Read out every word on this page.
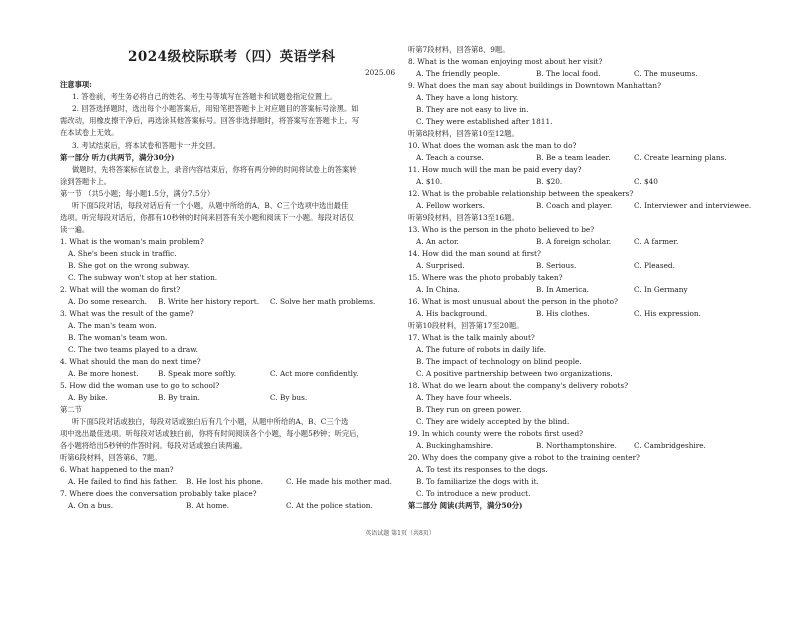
2024级校际联考（四）英语学科
2025.06
注意事项:
1. 答卷前，考生务必将自己的姓名、考生号等填写在答题卡和试题卷指定位置上。
2. 回答选择题时，选出每个小题答案后，用铅笔把答题卡上对应题目的答案标号涂黑。如
需改动，用橡皮擦干净后，再选涂其他答案标号。回答非选择题时，将答案写在答题卡上。写
在本试卷上无效。
3. 考试结束后，将本试卷和答题卡一并交回。
第一部分 听力(共两节，满分30分)
做题时，先将答案标在试卷上，录音内容结束后，你将有两分钟的时间将试卷上的答案转
涂到答题卡上。
第一节 （共5小题；每小题1.5分，满分7.5分）
听下面5段对话，每段对话后有一个小题，从题中所给的A、B、C三个选项中选出最佳
选项。听完每段对话后，你都有10秒钟的时间来回答有关小题和阅读下一小题。每段对话仅
读一遍。
1. What is the woman's main problem?
A. She's been stuck in traffic.
B. She got on the wrong subway.
C. The subway won't stop at her station.
2. What will the woman do first?
A. Do some research. B. Write her history report. C. Solve her math problems.
3. What was the result of the game?
A. The man's team won.
B. The woman's team won.
C. The two teams played to a draw.
4. What should the man do next time?
A. Be more honest.	B. Speak more softly.	C. Act more confidently.
5. How did the woman use to go to school?
A. By bike.	B. By train.	C. By bus.
第二节
听下面5段对话或独白，每段对话或独白后有几个小题，从题中所给的A、B、C三个选
项中选出最佳选项。听每段对话或独白前，你将有时间阅读各个小题，每小题5秒钟；听完后，
各小题将给出5秒钟的作答时间。每段对话或独白读两遍。
听第6段材料，回答第6、7题。
6. What happened to the man?
A. He failed to find his father. B. He lost his phone.	C. He made his mother mad.
7. Where does the conversation probably take place?
A. On a bus.	B. At home.	C. At the police station.
听第7段材料，回答第8、9题。
8. What is the woman enjoying most about her visit?
A. The friendly people.	B. The local food.	C. The museums.
9. What does the man say about buildings in Downtown Manhattan?
A. They have a long history.
B. They are not easy to live in.
C. They were established after 1811.
听第8段材料，回答第10至12题。
10. What does the woman ask the man to do?
A. Teach a course.	B. Be a team leader.	C. Create learning plans.
11. How much will the man be paid every day?
A. $10.	B. $20.	C. $40
12. What is the probable relationship between the speakers?
A. Fellow workers.	B. Coach and player.	C. Interviewer and interviewee.
听第9段材料，回答第13至16题。
13. Who is the person in the photo believed to be?
A. An actor.	B. A foreign scholar.	C. A farmer.
14. How did the man sound at first?
A. Surprised.	B. Serious.	C. Pleased.
15. Where was the photo probably taken?
A. In China.	B. In America.	C. In Germany
16. What is most unusual about the person in the photo?
A. His background.	B. His clothes.	C. His expression.
听第10段材料，回答第17至20题。
17. What is the talk mainly about?
A. The future of robots in daily life.
B. The impact of technology on blind people.
C. A positive partnership between two organizations.
18. What do we learn about the company's delivery robots?
A. They have four wheels.
B. They run on green power.
C. They are widely accepted by the blind.
19. In which county were the robots first used?
A. Buckinghamshire.	B. Northamptonshire. C. Cambridgeshire.
20. Why does the company give a robot to the training center?
A. To test its responses to the dogs.
B. To familiarize the dogs with it.
C. To introduce a new product.
第二部分 阅读(共两节，满分50分)
英语试题 第1页（共8页）
